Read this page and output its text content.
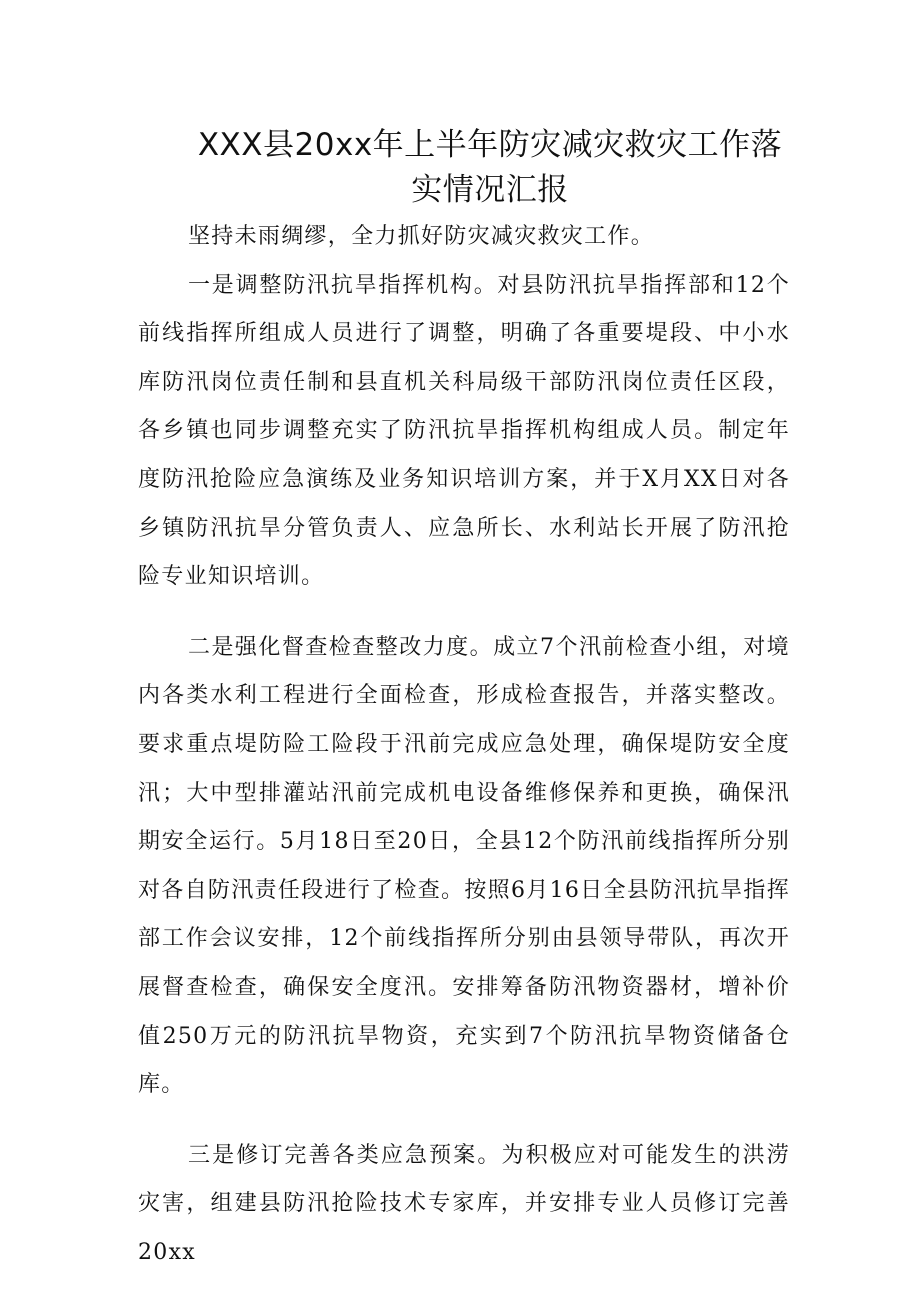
XXX县20xx年上半年防灾减灾救灾工作落
实情况汇报

坚持未雨绸缪，全力抓好防灾减灾救灾工作。

一是调整防汛抗旱指挥机构。对县防汛抗旱指挥部和12个前线指挥所组成人员进行了调整，明确了各重要堤段、中小水库防汛岗位责任制和县直机关科局级干部防汛岗位责任区段，各乡镇也同步调整充实了防汛抗旱指挥机构组成人员。制定年度防汛抢险应急演练及业务知识培训方案，并于X月XX日对各乡镇防汛抗旱分管负责人、应急所长、水利站长开展了防汛抢险专业知识培训。

二是强化督查检查整改力度。成立7个汛前检查小组，对境内各类水利工程进行全面检查，形成检查报告，并落实整改。要求重点堤防险工险段于汛前完成应急处理，确保堤防安全度汛；大中型排灌站汛前完成机电设备维修保养和更换，确保汛期安全运行。5月18日至20日，全县12个防汛前线指挥所分别对各自防汛责任段进行了检查。按照6月16日全县防汛抗旱指挥部工作会议安排，12个前线指挥所分别由县领导带队，再次开展督查检查，确保安全度汛。安排筹备防汛物资器材，增补价值250万元的防汛抗旱物资，充实到7个防汛抗旱物资储备仓库。

三是修订完善各类应急预案。为积极应对可能发生的洪涝灾害，组建县防汛抢险技术专家库，并安排专业人员修订完善20xx
